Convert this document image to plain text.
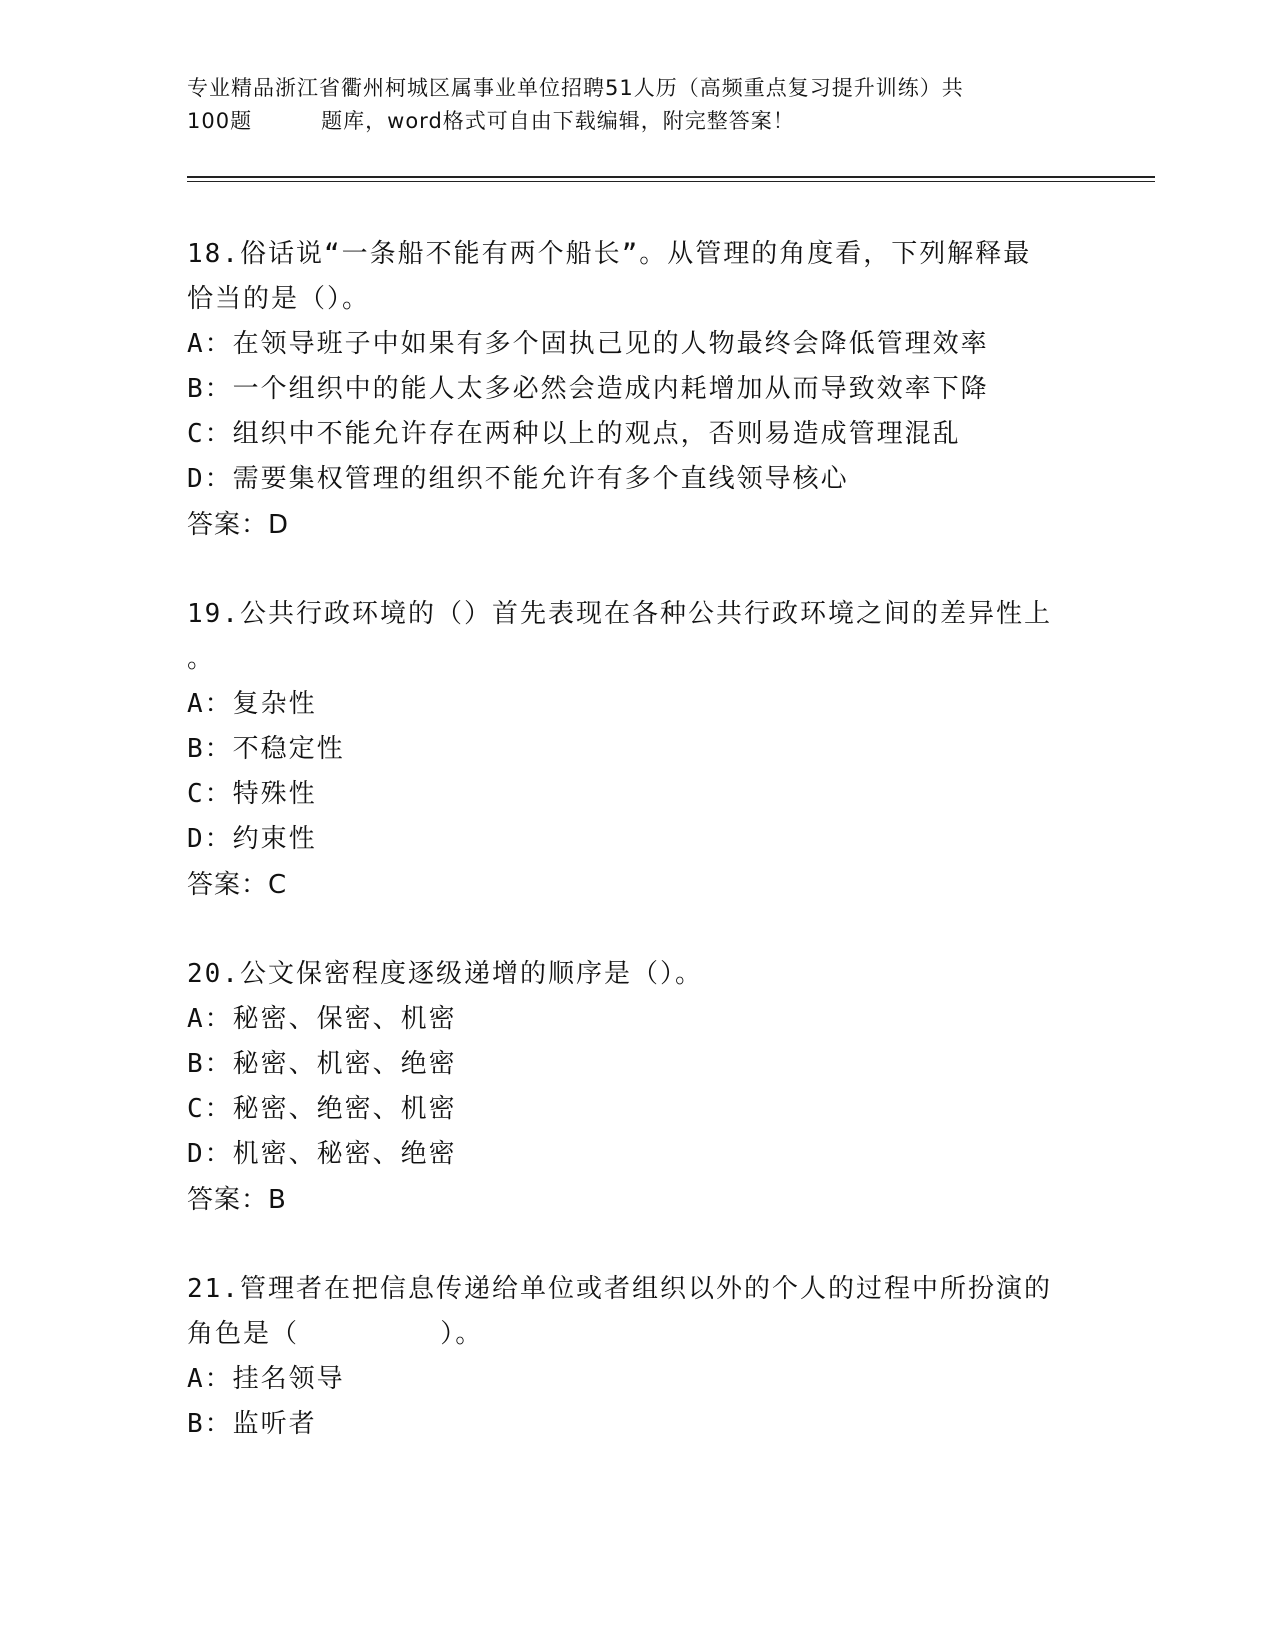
专业精品浙江省衢州柯城区属事业单位招聘51人历（高频重点复习提升训练）共
100题         题库，word格式可自由下载编辑，附完整答案！
18.俗话说“一条船不能有两个船长”。从管理的角度看，下列解释最
恰当的是（）。
A：在领导班子中如果有多个固执己见的人物最终会降低管理效率
B：一个组织中的能人太多必然会造成内耗增加从而导致效率下降
C：组织中不能允许存在两种以上的观点，否则易造成管理混乱
D：需要集权管理的组织不能允许有多个直线领导核心
答案：D
19.公共行政环境的（）首先表现在各种公共行政环境之间的差异性上
。
A：复杂性
B：不稳定性
C：特殊性
D：约束性
答案：C
20.公文保密程度逐级递增的顺序是（）。
A：秘密、保密、机密
B：秘密、机密、绝密
C：秘密、绝密、机密
D：机密、秘密、绝密
答案：B
21.管理者在把信息传递给单位或者组织以外的个人的过程中所扮演的
角色是（        ）。
A：挂名领导
B：监听者
